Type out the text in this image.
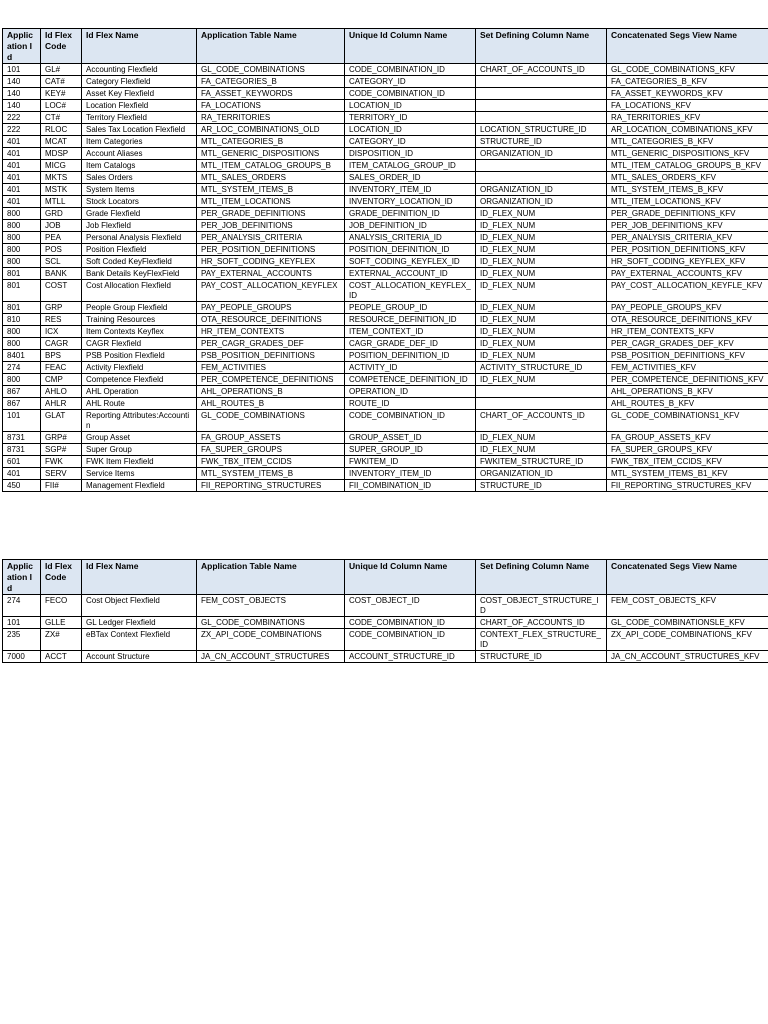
Application Id	Id Flex Code	Id Flex Name	Application Table Name	Unique Id Column Name	Set Defining Column Name	Concatenated Segs View Name
101	GL#	Accounting Flexfield	GL_CODE_COMBINATIONS	CODE_COMBINATION_ID	CHART_OF_ACCOUNTS_ID	GL_CODE_COMBINATIONS_KFV
140	CAT#	Category Flexfield	FA_CATEGORIES_B	CATEGORY_ID		FA_CATEGORIES_B_KFV
140	KEY#	Asset Key Flexfield	FA_ASSET_KEYWORDS	CODE_COMBINATION_ID		FA_ASSET_KEYWORDS_KFV
140	LOC#	Location Flexfield	FA_LOCATIONS	LOCATION_ID		FA_LOCATIONS_KFV
222	CT#	Territory Flexfield	RA_TERRITORIES	TERRITORY_ID		RA_TERRITORIES_KFV
222	RLOC	Sales Tax Location Flexfield	AR_LOC_COMBINATIONS_OLD	LOCATION_ID	LOCATION_STRUCTURE_ID	AR_LOCATION_COMBINATIONS_KFV
401	MCAT	Item Categories	MTL_CATEGORIES_B	CATEGORY_ID	STRUCTURE_ID	MTL_CATEGORIES_B_KFV
401	MDSP	Account Aliases	MTL_GENERIC_DISPOSITIONS	DISPOSITION_ID	ORGANIZATION_ID	MTL_GENERIC_DISPOSITIONS_KFV
401	MICG	Item Catalogs	MTL_ITEM_CATALOG_GROUPS_B	ITEM_CATALOG_GROUP_ID		MTL_ITEM_CATALOG_GROUPS_B_KFV
401	MKTS	Sales Orders	MTL_SALES_ORDERS	SALES_ORDER_ID		MTL_SALES_ORDERS_KFV
401	MSTK	System Items	MTL_SYSTEM_ITEMS_B	INVENTORY_ITEM_ID	ORGANIZATION_ID	MTL_SYSTEM_ITEMS_B_KFV
401	MTLL	Stock Locators	MTL_ITEM_LOCATIONS	INVENTORY_LOCATION_ID	ORGANIZATION_ID	MTL_ITEM_LOCATIONS_KFV
800	GRD	Grade Flexfield	PER_GRADE_DEFINITIONS	GRADE_DEFINITION_ID	ID_FLEX_NUM	PER_GRADE_DEFINITIONS_KFV
800	JOB	Job Flexfield	PER_JOB_DEFINITIONS	JOB_DEFINITION_ID	ID_FLEX_NUM	PER_JOB_DEFINITIONS_KFV
800	PEA	Personal Analysis Flexfield	PER_ANALYSIS_CRITERIA	ANALYSIS_CRITERIA_ID	ID_FLEX_NUM	PER_ANALYSIS_CRITERIA_KFV
800	POS	Position Flexfield	PER_POSITION_DEFINITIONS	POSITION_DEFINITION_ID	ID_FLEX_NUM	PER_POSITION_DEFINITIONS_KFV
800	SCL	Soft Coded KeyFlexfield	HR_SOFT_CODING_KEYFLEX	SOFT_CODING_KEYFLEX_ID	ID_FLEX_NUM	HR_SOFT_CODING_KEYFLEX_KFV
801	BANK	Bank Details KeyFlexField	PAY_EXTERNAL_ACCOUNTS	EXTERNAL_ACCOUNT_ID	ID_FLEX_NUM	PAY_EXTERNAL_ACCOUNTS_KFV
801	COST	Cost Allocation Flexfield	PAY_COST_ALLOCATION_KEYFLEX	COST_ALLOCATION_KEYFLEX_ID	ID_FLEX_NUM	PAY_COST_ALLOCATION_KEYFLE_KFV
801	GRP	People Group Flexfield	PAY_PEOPLE_GROUPS	PEOPLE_GROUP_ID	ID_FLEX_NUM	PAY_PEOPLE_GROUPS_KFV
810	RES	Training Resources	OTA_RESOURCE_DEFINITIONS	RESOURCE_DEFINITION_ID	ID_FLEX_NUM	OTA_RESOURCE_DEFINITIONS_KFV
800	ICX	Item Contexts Keyflex	HR_ITEM_CONTEXTS	ITEM_CONTEXT_ID	ID_FLEX_NUM	HR_ITEM_CONTEXTS_KFV
800	CAGR	CAGR Flexfield	PER_CAGR_GRADES_DEF	CAGR_GRADE_DEF_ID	ID_FLEX_NUM	PER_CAGR_GRADES_DEF_KFV
8401	BPS	PSB Position Flexfield	PSB_POSITION_DEFINITIONS	POSITION_DEFINITION_ID	ID_FLEX_NUM	PSB_POSITION_DEFINITIONS_KFV
274	FEAC	Activity Flexfield	FEM_ACTIVITIES	ACTIVITY_ID	ACTIVITY_STRUCTURE_ID	FEM_ACTIVITIES_KFV
800	CMP	Competence Flexfield	PER_COMPETENCE_DEFINITIONS	COMPETENCE_DEFINITION_ID	ID_FLEX_NUM	PER_COMPETENCE_DEFINITIONS_KFV
867	AHLO	AHL Operation	AHL_OPERATIONS_B	OPERATION_ID		AHL_OPERATIONS_B_KFV
867	AHLR	AHL Route	AHL_ROUTES_B	ROUTE_ID		AHL_ROUTES_B_KFV
101	GLAT	Reporting Attributes:Accountin	GL_CODE_COMBINATIONS	CODE_COMBINATION_ID	CHART_OF_ACCOUNTS_ID	GL_CODE_COMBINATIONS1_KFV
8731	GRP#	Group Asset	FA_GROUP_ASSETS	GROUP_ASSET_ID	ID_FLEX_NUM	FA_GROUP_ASSETS_KFV
8731	SGP#	Super Group	FA_SUPER_GROUPS	SUPER_GROUP_ID	ID_FLEX_NUM	FA_SUPER_GROUPS_KFV
601	FWK	FWK Item Flexfield	FWK_TBX_ITEM_CCIDS	FWKITEM_ID	FWKITEM_STRUCTURE_ID	FWK_TBX_ITEM_CCIDS_KFV
401	SERV	Service Items	MTL_SYSTEM_ITEMS_B	INVENTORY_ITEM_ID	ORGANIZATION_ID	MTL_SYSTEM_ITEMS_B1_KFV
450	FII#	Management Flexfield	FII_REPORTING_STRUCTURES	FII_COMBINATION_ID	STRUCTURE_ID	FII_REPORTING_STRUCTURES_KFV
Application Id	Id Flex Code	Id Flex Name	Application Table Name	Unique Id Column Name	Set Defining Column Name	Concatenated Segs View Name
274	FECO	Cost Object Flexfield	FEM_COST_OBJECTS	COST_OBJECT_ID	COST_OBJECT_STRUCTURE_ID	FEM_COST_OBJECTS_KFV
101	GLLE	GL Ledger Flexfield	GL_CODE_COMBINATIONS	CODE_COMBINATION_ID	CHART_OF_ACCOUNTS_ID	GL_CODE_COMBINATIONSLE_KFV
235	ZX#	eBTax Context Flexfield	ZX_API_CODE_COMBINATIONS	CODE_COMBINATION_ID	CONTEXT_FLEX_STRUCTURE_ID	ZX_API_CODE_COMBINATIONS_KFV
7000	ACCT	Account Structure	JA_CN_ACCOUNT_STRUCTURES	ACCOUNT_STRUCTURE_ID	STRUCTURE_ID	JA_CN_ACCOUNT_STRUCTURES_KFV
